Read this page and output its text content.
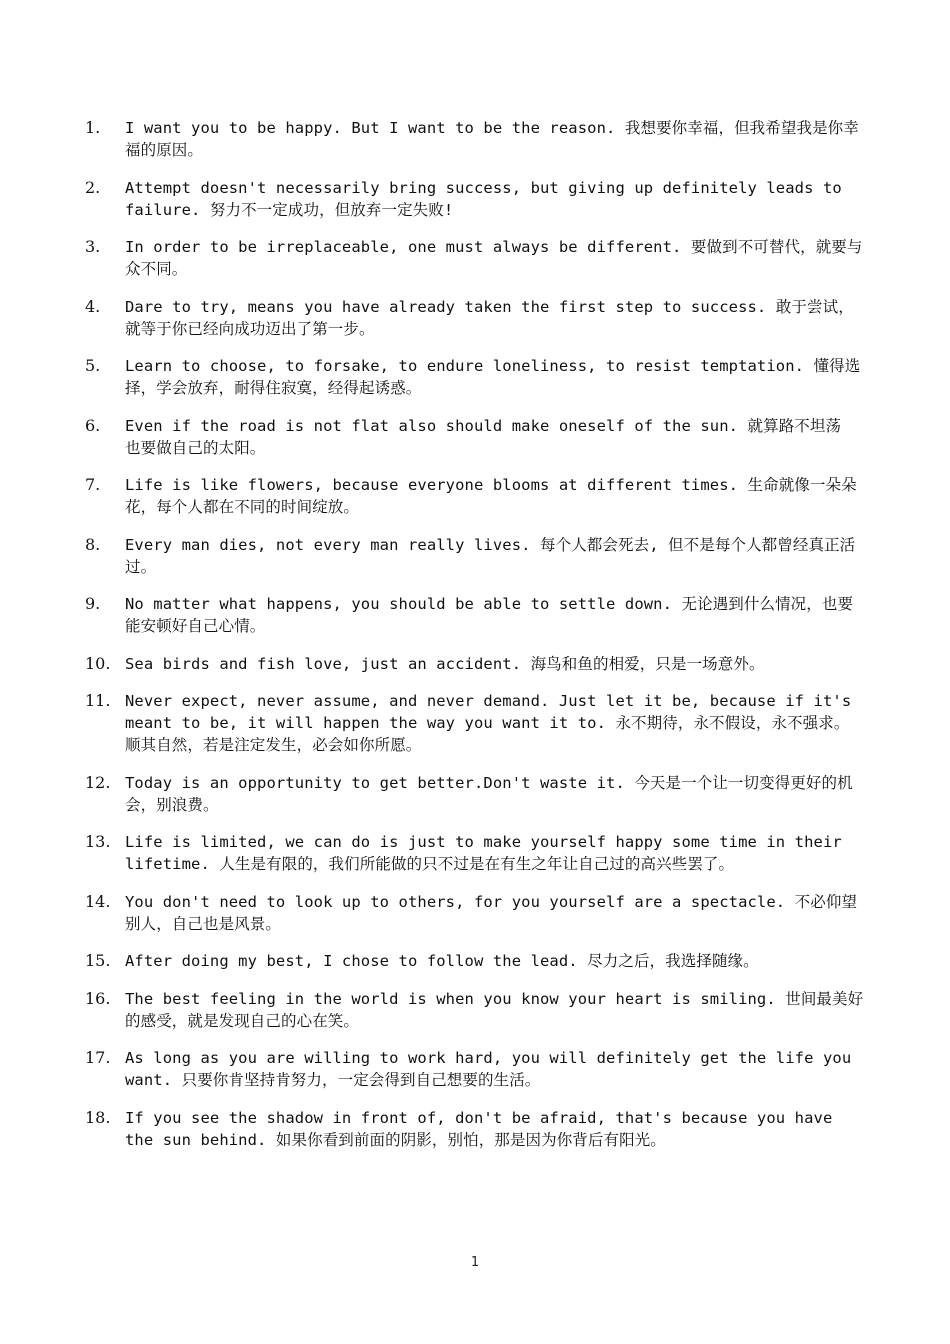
1.	I want you to be happy. But I want to be the reason. 我想要你幸福，但我希望我是你幸福的原因。
2.	Attempt doesn't necessarily bring success, but giving up definitely leads to failure. 努力不一定成功，但放弃一定失败!
3.	In order to be irreplaceable, one must always be different. 要做到不可替代，就要与众不同。
4.	Dare to try, means you have already taken the first step to success. 敢于尝试，就等于你已经向成功迈出了第一步。
5.	Learn to choose, to forsake, to endure loneliness, to resist temptation. 懂得选择，学会放弃，耐得住寂寞，经得起诱惑。
6.	Even if the road is not flat also should make oneself of the sun. 就算路不坦荡 也要做自己的太阳。
7.	Life is like flowers, because everyone blooms at different times. 生命就像一朵朵花，每个人都在不同的时间绽放。
8.	Every man dies, not every man really lives. 每个人都会死去, 但不是每个人都曾经真正活过。
9.	No matter what happens, you should be able to settle down. 无论遇到什么情况，也要能安顿好自己心情。
10. Sea birds and fish love, just an accident. 海鸟和鱼的相爱，只是一场意外。
11. Never expect, never assume, and never demand. Just let it be, because if it's meant to be, it will happen the way you want it to. 永不期待，永不假设，永不强求。顺其自然，若是注定发生，必会如你所愿。
12. Today is an opportunity to get better.Don't waste it. 今天是一个让一切变得更好的机会，别浪费。
13. Life is limited, we can do is just to make yourself happy some time in their lifetime. 人生是有限的，我们所能做的只不过是在有生之年让自己过的高兴些罢了。
14. You don't need to look up to others, for you yourself are a spectacle. 不必仰望别人，自己也是风景。
15. After doing my best, I chose to follow the lead. 尽力之后，我选择随缘。
16. The best feeling in the world is when you know your heart is smiling. 世间最美好的感受，就是发现自己的心在笑。
17. As long as you are willing to work hard, you will definitely get the life you want. 只要你肯坚持肯努力，一定会得到自己想要的生活。
18. If you see the shadow in front of, don't be afraid, that's because you have the sun behind. 如果你看到前面的阴影，别怕，那是因为你背后有阳光。
1
